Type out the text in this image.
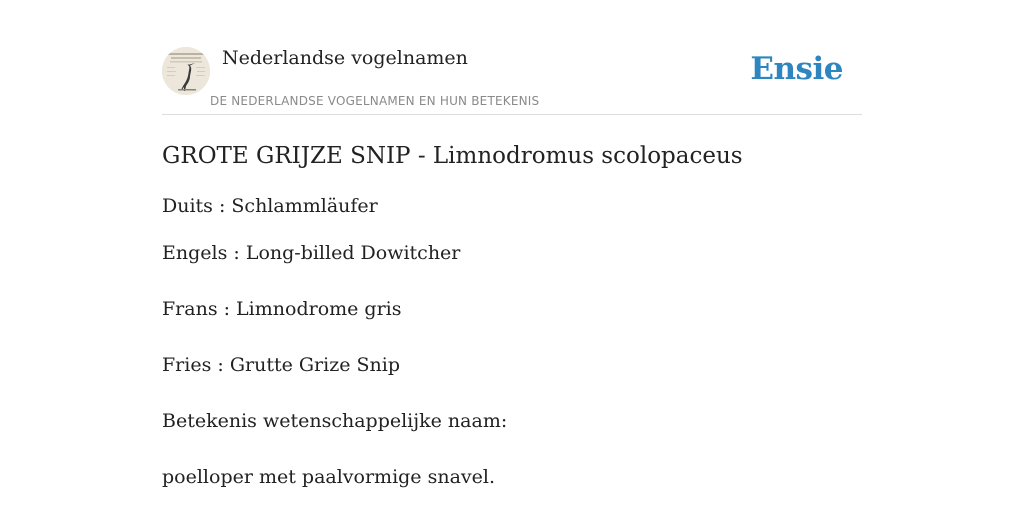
Nederlandse vogelnamen
DE NEDERLANDSE VOGELNAMEN EN HUN BETEKENIS
Ensie
GROTE GRIJZE SNIP - Limnodromus scolopaceus
Duits : Schlammläufer
Engels : Long-billed Dowitcher
Frans : Limnodrome gris
Fries : Grutte Grize Snip
Betekenis wetenschappelijke naam:
poelloper met paalvormige snavel.
